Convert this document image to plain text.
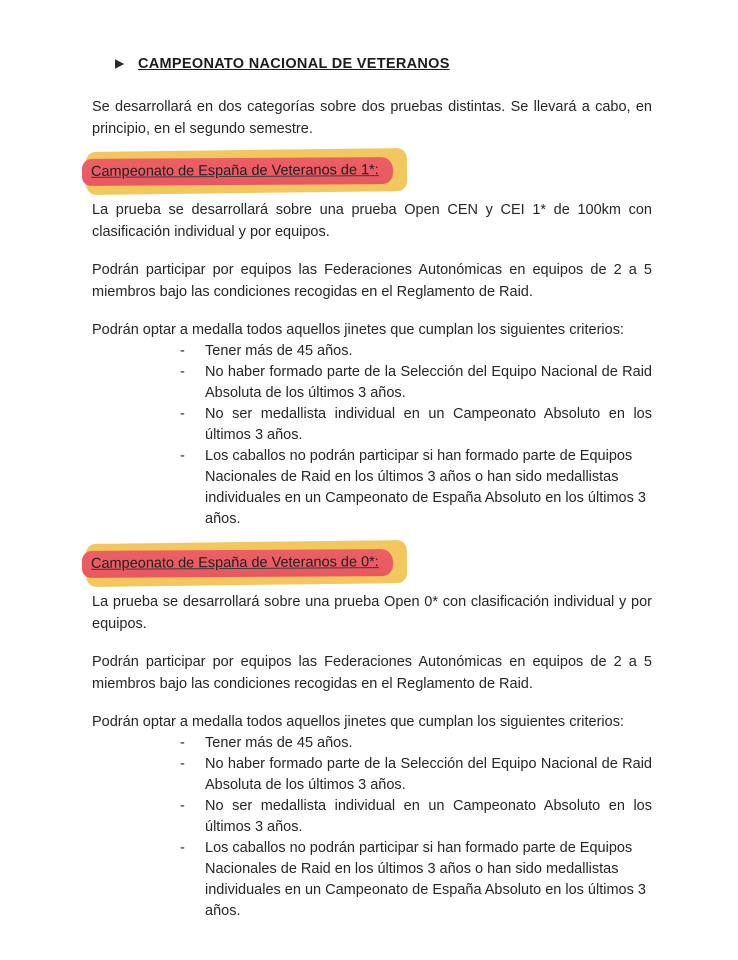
CAMPEONATO NACIONAL DE VETERANOS

Se desarrollará en dos categorías sobre dos pruebas distintas. Se llevará a cabo, en principio, en el segundo semestre.

Campeonato de España de Veteranos de 1*:

La prueba se desarrollará sobre una prueba Open CEN y CEI 1* de 100km con clasificación individual y por equipos.

Podrán participar por equipos las Federaciones Autonómicas en equipos de 2 a 5 miembros bajo las condiciones recogidas en el Reglamento de Raid.

Podrán optar a medalla todos aquellos jinetes que cumplan los siguientes criterios:

- Tener más de 45 años.
- No haber formado parte de la Selección del Equipo Nacional de Raid Absoluta de los últimos 3 años.
- No ser medallista individual en un Campeonato Absoluto en los últimos 3 años.
- Los caballos no podrán participar si han formado parte de Equipos Nacionales de Raid en los últimos 3 años o han sido medallistas individuales en un Campeonato de España Absoluto en los últimos 3 años.
Campeonato de España de Veteranos de 0*:

La prueba se desarrollará sobre una prueba Open 0* con clasificación individual y por equipos.

Podrán participar por equipos las Federaciones Autonómicas en equipos de 2 a 5 miembros bajo las condiciones recogidas en el Reglamento de Raid.

Podrán optar a medalla todos aquellos jinetes que cumplan los siguientes criterios:

- Tener más de 45 años.
- No haber formado parte de la Selección del Equipo Nacional de Raid Absoluta de los últimos 3 años.
- No ser medallista individual en un Campeonato Absoluto en los últimos 3 años.
- Los caballos no podrán participar si han formado parte de Equipos Nacionales de Raid en los últimos 3 años o han sido medallistas individuales en un Campeonato de España Absoluto en los últimos 3 años.
